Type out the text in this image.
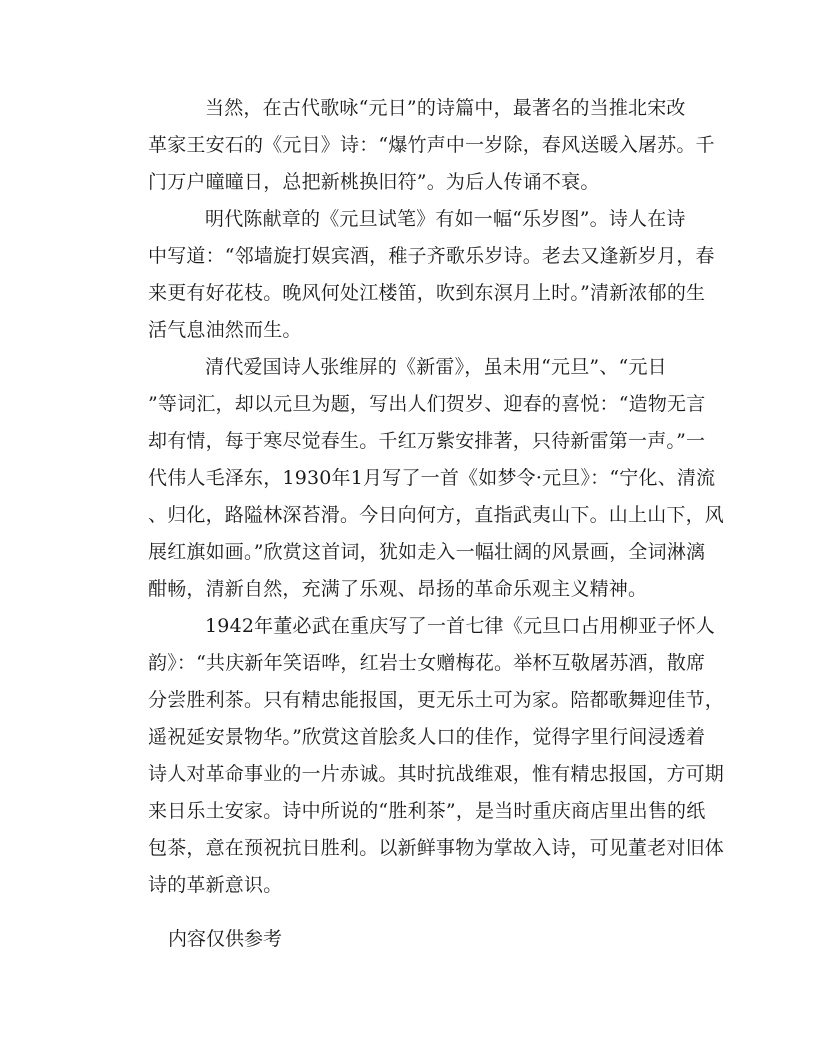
当然，在古代歌咏“元日”的诗篇中，最著名的当推北宋改
革家王安石的《元日》诗：“爆竹声中一岁除，春风送暖入屠苏。千
门万户曈曈日，总把新桃换旧符”。为后人传诵不衰。
明代陈献章的《元旦试笔》有如一幅“乐岁图”。诗人在诗
中写道：“邻墙旋打娱宾酒，稚子齐歌乐岁诗。老去又逢新岁月，春
来更有好花枝。晚风何处江楼笛，吹到东溟月上时。”清新浓郁的生
活气息油然而生。
清代爱国诗人张维屏的《新雷》，虽未用“元旦”、“元日
”等词汇，却以元旦为题，写出人们贺岁、迎春的喜悦：“造物无言
却有情，每于寒尽觉春生。千红万紫安排著，只待新雷第一声。”一
代伟人毛泽东，1930年1月写了一首《如梦令·元旦》：“宁化、清流
、归化，路隘林深苔滑。今日向何方，直指武夷山下。山上山下，风
展红旗如画。”欣赏这首词，犹如走入一幅壮阔的风景画，全词淋漓
酣畅，清新自然，充满了乐观、昂扬的革命乐观主义精神。
1942年董必武在重庆写了一首七律《元旦口占用柳亚子怀人
韵》：“共庆新年笑语哗，红岩士女赠梅花。举杯互敬屠苏酒，散席
分尝胜利茶。只有精忠能报国，更无乐土可为家。陪都歌舞迎佳节，
遥祝延安景物华。”欣赏这首脍炙人口的佳作，觉得字里行间浸透着
诗人对革命事业的一片赤诚。其时抗战维艰，惟有精忠报国，方可期
来日乐土安家。诗中所说的“胜利茶”，是当时重庆商店里出售的纸
包茶，意在预祝抗日胜利。以新鲜事物为掌故入诗，可见董老对旧体
诗的革新意识。
内容仅供参考
